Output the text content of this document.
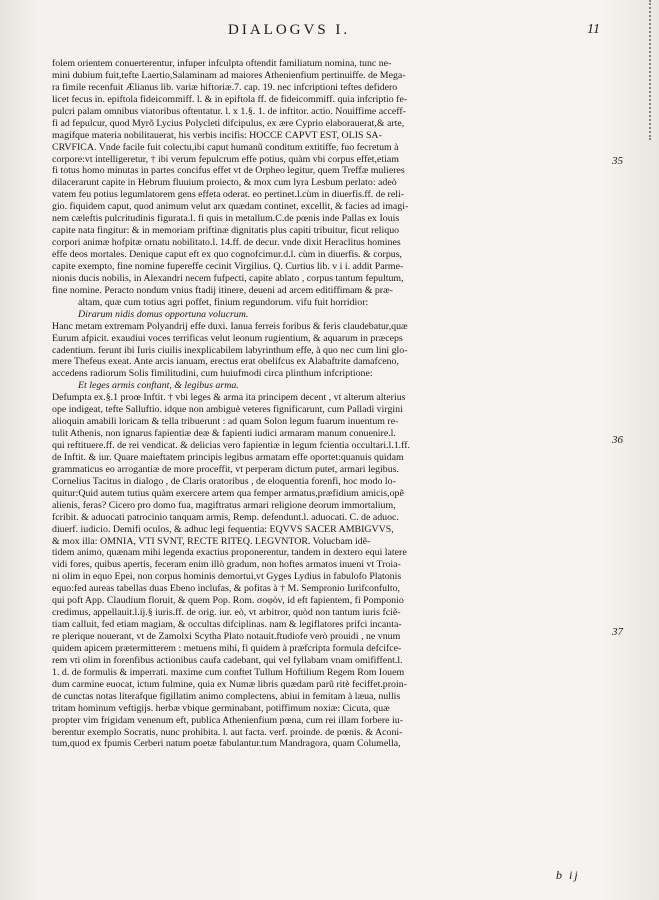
DIALOGVS I.	11
folem orientem conuerterentur, infuper infculpta oftendit familiatum nomina, tunc ne-
mini dubium fuit,tefte Laertio,Salaminam ad maiores Athenienfium pertinuiffe. de Mega-
ra fimile recenfuit Ælianus lib. variæ hiftoriæ.7. cap. 19. nec infcriptioni teftes defidero
licet fecus in. epiftola fideicommiff. l. & in epiftola ff. de fideicommiff. quia infcriptio fe-
pulcri palam omnibus viatoribus oftentatur. l. x 1.§. 1. de inftitor. actio. Nouiffime acceff-
fi ad fepulcur, quod Myrõ Lycius Polycleti difcipulus, ex ære Cyprio elaborauerat,& arte,
magifque materia nobilitauerat, his verbis incifis: HOCCE CAPVT EST, OLIS SA-
CRVFICA. Vnde facile fuit colectu,ibi caput humanũ conditum extitiffe, fuo fecretum à
corpore:vt intelligeretur, † ibi verum fepulcrum effe potius, quàm vbi corpus effet,etiam
fi totus homo minutas in partes concifus effet vt de Orpheo legitur, quem Treffæ mulieres
dilacerarunt capite in Hebrum fluuium proiecto, & mox cum lyra Lesbum perlato: adeò
vatem feu potius legumlatorem gens effeta oderat. eo pertinet.l.cùm in diuerfis.ff. de reli-
gio. fiquidem caput, quod animum velut arx quædam continet, excellit, & facies ad imagi-
nem cæleftis pulcritudinis figurata.l. fi quis in metallum.C.de pœnis inde Pallas ex Iouis
capite nata fingitur: & in memoriam priftinæ dignitatis plus capiti tribuitur, ficut reliquo
corpori animæ hofpitæ ornatu nobilitato.l. 14.ff. de decur. vnde dixit Heraclitus homines
effe deos mortales. Denique caput eft ex quo cognofcimur.d.l. cùm in diuerfis. & corpus,
capite exempto, fine nomine fupereffe cecinit Virgilius. Q. Curtius lib. v i i. addit Parme-
nionis ducis nobilis, in Alexandri necem fufpecti, capite ablato , corpus tantum fepultum,
fine nomine. Peracto nondum vnius ftadij itinere, deueni ad arcem editiffimam & præ-
altam, quæ cum totius agri poffet, finium regundorum. vifu fuit horridior:
Dirarum nidis domus opportuna volucrum.
Hanc metam extremam Polyandrij effe duxi. Ianua ferreis foribus & feris claudebatur,quæ
Eurum afpicit. exaudiui voces terrificas velut leonum rugientium, & aquarum in præceps
cadentium. ferunt ibi Iuris ciuilis inexplicabilem labyrinthum effe, à quo nec cum lini glo-
mere Thefeus exeat. Ante arcis ianuam, erectus erat obelifcus ex Alabaftrite damafceno,
accedens radiorum Solis fimilitudini, cum huiufmodi circa plinthum infcriptione:
Et leges armis conftant, & legibus arma.
Defumpta ex.§.1 proœ Inftit. † vbi leges & arma ita principem decent , vt alterum alterius
ope indigeat, tefte Salluftio. idque non ambiguè veteres fignificarunt, cum Palladi virgini
alioquin amabili loricam & tella tribuerunt : ad quam Solon legum fuarum inuentum re-
tulit Athenis, non ignarus fapientiæ deæ & fapienti iudici armaram manum conuenire.l.
qui reftituere.ff. de rei vendicat. & delicias vero fapientiæ in legum fcientia occultari.l.1.ff.
de Inftit. & iur. Quare maieftatem principis legibus armatam effe oportet:quanuis quidam
grammaticus eo arrogantiæ de more proceffit, vt perperam dictum putet, armari legibus.
Cornelius Tacitus in dialogo , de Claris oratoribus , de eloquentia forenfi, hoc modo lo-
quitur:Quid autem tutius quàm exercere artem qua femper armatus,præfidium amicis,opẽ
alienis, feras? Cicero pro domo fua, magiftratus armari religione deorum immortalium,
fcribit. & aduocati patrocinio tanquam armis, Remp. defendunt.l. aduocati. C. de aduoc.
diuerf. iudicio. Demifi oculos, & adhuc legi fequentia: EQVVS SACER AMBIGVVS,
& mox illa: OMNIA, VTI SVNT, RECTE RITEQ. LEGVNTOR. Volucbam idẽ-
tidem animo, quænam mihi legenda exactius proponerentur, tandem in dextero equi latere
vidi fores, quibus apertis, feceram enim illò gradum, non hoftes armatos inueni vt Troia-
ni olim in equo Epei, non corpus hominis demortui,vt Gyges Lydius in fabulofo Platonis
equo:fed aureas tabellas duas Ebeno inclufas, & pofitas à † M. Sempronio Iurifconfulto,
qui poft App. Claudium floruit, & quem Pop. Rom. σοφὸν, id eft fapientem, fi Pomponio
credimus, appellauit.l.ij.§ iuris.ff. de orig. iur. eò, vt arbitror, quòd non tantum iuris fciẽ-
tiam calluit, fed etiam magiam, & occultas difciplinas. nam & legiflatores prifci incanta-
re plerique nouerant, vt de Zamolxi Scytha Plato notauit.ftudiofe verò prouidi , ne vnum
quidem apicem prætermitterem : metuens mihi, fi quidem à præfcripta formula defcifce-
rem vti olim in forenfibus actionibus caufa cadebant, qui vel fyllabam vnam omififfent.l.
1. d. de formulis & imperrati. maxime cum conftet Tullum Hoftilium Regem Rom Iouem
dum carmine euocat, ictum fulmine, quia ex Numæ libris quædam parũ ritè feciffet.proin-
de cunctas notas literafque figillatim animo complectens, abiui in femitam à læua, nullis
tritam hominum veftigijs. herbæ vbique germinabant, potiffimum noxiæ: Cicuta, quæ
propter vim frigidam venenum eft, publica Athenienfium pœna, cum rei illam forbere iu-
berentur exemplo Socratis, nunc prohibita. l. aut facta. verf. proinde. de pœnis. & Aconi-
tum,quod ex fpumis Cerberi natum poetæ fabulantur.tum Mandragora, quam Columella,
35
36
37
b ij
